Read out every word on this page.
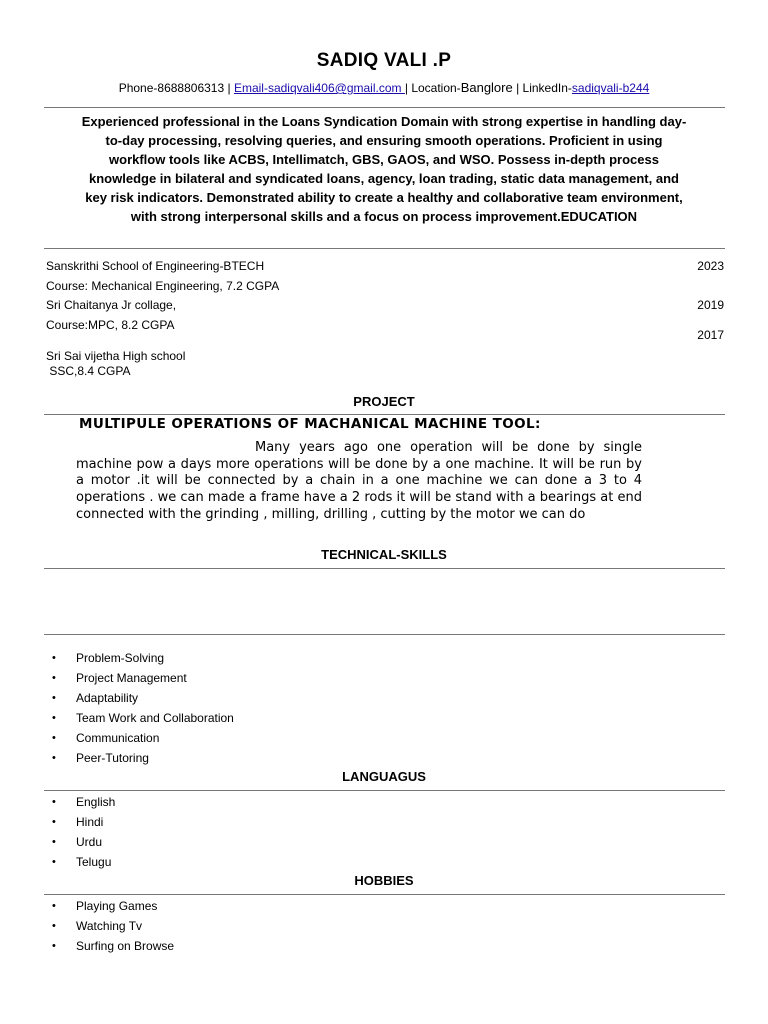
SADIQ VALI .P
Phone-8688806313 | Email-sadiqvali406@gmail.com | Location-Banglore | LinkedIn-sadiqvali-b244
Experienced professional in the Loans Syndication Domain with strong expertise in handling day-to-day processing, resolving queries, and ensuring smooth operations. Proficient in using workflow tools like ACBS, Intellimatch, GBS, GAOS, and WSO. Possess in-depth process knowledge in bilateral and syndicated loans, agency, loan trading, static data management, and key risk indicators. Demonstrated ability to create a healthy and collaborative team environment, with strong interpersonal skills and a focus on process improvement.EDUCATION
Sanskrithi School of Engineering-BTECH
Course: Mechanical Engineering, 7.2 CGPA
Sri Chaitanya Jr collage,
Course:MPC, 8.2 CGPA
Sri Sai vijetha High school
SSC,8.4 CGPA
2023
2019
2017
PROJECT
MULTIPULE OPERATIONS OF MACHANICAL MACHINE TOOL:
Many years ago one operation will be done by single machine pow a days more operations will be done by a one machine. It will be run by a motor .it will be connected by a chain in a one machine we can done a 3 to 4 operations . we can made a frame have a 2 rods it will be stand with a bearings at end connected with the grinding , milling, drilling , cutting by the motor we can do
TECHNICAL-SKILLS
• Problem-Solving
• Project Management
• Adaptability
• Team Work and Collaboration
• Communication
• Peer-Tutoring
LANGUAGUS
• English
• Hindi
• Urdu
• Telugu
HOBBIES
• Playing Games
• Watching Tv
• Surfing on Browse
